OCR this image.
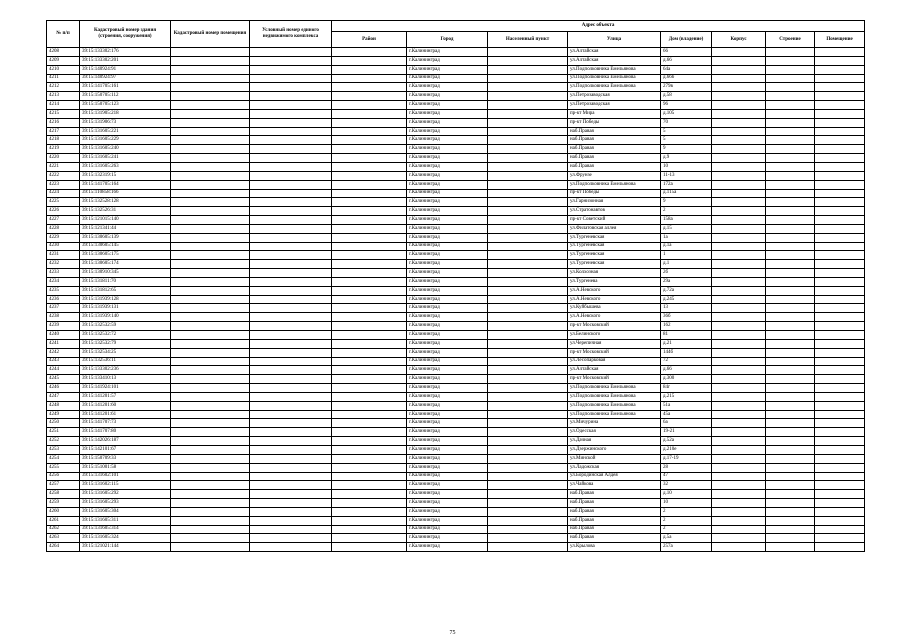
№ п/п	Кадастровый номер здания (строения, сооружения)	Кадастровый номер помещения	Условный номер единого недвижимого комплекса	Адрес объекта							
				Район	Город	Населенный пункт	Улица	Дом (владение)	Корпус	Строение	Помещение
4208	39:15:133302:176				г.Калининград		ул.Алтайская	66			
4209	39:15:133302:201				г.Калининград		ул.Алтайская	д.66			
4210	39:15:140924:91				г.Калининград		ул.Подполковника Емельянова	64а			
4211	39:15:140924:97				г.Калининград		ул.Подполковника Емельянова	д.66б			
4212	39:15:141705:161				г.Калининград		ул.Подполковника Емельянова	279в			
4213	39:15:150705:112				г.Калининград		ул.Петрозаводская	д.58			
4214	39:15:150705:123				г.Калининград		ул.Петрозаводская	96			
4215	39:15:131905:218				г.Калининград		пр-кт Мира	д.105			
4216	39:15:131906:73				г.Калининград		пр-кт Победы	70			
4217	39:15:131605:221				г.Калининград		наб.Правая	5			
4218	39:15:131605:229				г.Калининград		наб.Правая	5			
4219	39:15:131605:240				г.Калининград		наб.Правая	9			
4220	39:15:131605:241				г.Калининград		наб.Правая	д.9			
4221	39:15:131605:263				г.Калининград		наб.Правая	10			
4222	39:15:132319:15				г.Калининград		ул.Фрунзе	11-13			
4223	39:15:141705:164				г.Калининград		ул.Подполковника Емельянова	172а			
4224	39:15:110858:166				г.Калининград		пр-кт Победы	д.115а			
4225	39:15:132528:128				г.Калининград		ул.Гарнизонная	9			
4226	39:15:132526:31				г.Калининград		ул.Стратонавтов	2			
4227	39:15:121015:140				г.Калининград		пр-кт Советский	158а			
4228	39:15:121341:44				г.Калининград		ул.Филатовская аллея	д.15			
4229	39:15:130605:139				г.Калининград		ул.Тургеневская	1а			
4230	39:15:130605:145				г.Калининград		ул.Тургеневская	д.1а			
4231	39:15:130605:175				г.Калининград		ул.Тургеневская	1			
4232	39:15:130605:174				г.Калининград		ул.Тургеневская	д.1			
4233	39:15:130910:345				г.Калининград		ул.Колхозная	2б			
4234	39:15:131811:70				г.Калининград		ул.Тургенева	29а			
4235	39:15:131812:65				г.Калининград		ул.А.Невского	д.72а			
4236	39:15:131939:128				г.Калининград		ул.А.Невского	д.245			
4237	39:15:131939:131				г.Калининград		ул.Куйбышева	13			
4238	39:15:131939:140				г.Калининград		ул.А.Невского	36б			
4239	39:15:132532:59				г.Калининград		пр-кт Московский	162			
4240	39:15:132532:72				г.Калининград		ул.Белинского	81			
4241	39:15:132532:79				г.Калининград		ул.Черепичная	д.21			
4242	39:15:132534:25				г.Калининград		пр-кт Московский	144б			
4243	39:15:132536:11				г.Калининград		ул.Лесопарковая	72			
4244	39:15:133302:236				г.Калининград		ул.Алтайская	д.66			
4245	39:15:133410:13				г.Калининград		пр-кт Московский	д.300			
4246	39:15:141924:101				г.Калининград		ул.Подполковника Емельянова	84г			
4247	39:15:141201:57				г.Калининград		ул.Подполковника Емельянова	д.215			
4248	39:15:141201:60				г.Калининград		ул.Подполковника Емельянова	51а			
4249	39:15:141201:61				г.Калининград		ул.Подполковника Емельянова	45а			
4250	39:15:141707:73				г.Калининград		ул.Мичурина	6а			
4251	39:15:141707:80				г.Калининград		ул.Одесская	19-21			
4252	39:15:142026:187				г.Калининград		ул.Дачная	д.52а			
4253	39:15:142101:67				г.Калининград		ул.Дзержинского	д.210е			
4254	39:15:150709:33				г.Калининград		ул.Минской	д.17-19			
4255	39:15:151001:58				г.Калининград		ул.Ладожская	28			
4256	39:15:131602:101				г.Калининград		ул.Бородинская Алдея	47			
4257	39:15:131602:115				г.Калининград		ул.Чайкова	32			
4258	39:15:131605:292				г.Калининград		наб.Правая	д.10			
4259	39:15:131605:293				г.Калининград		наб.Правая	10			
4260	39:15:131605:304				г.Калининград		наб.Правая	2			
4261	39:15:131605:311				г.Калининград		наб.Правая	2			
4262	39:15:131605:314				г.Калининград		наб.Правая	2			
4263	39:15:131605:324				г.Калининград		наб.Правая	д.5а			
4264	39:15:121021:144				г.Калининград		ул.Крылова	257а			
75
